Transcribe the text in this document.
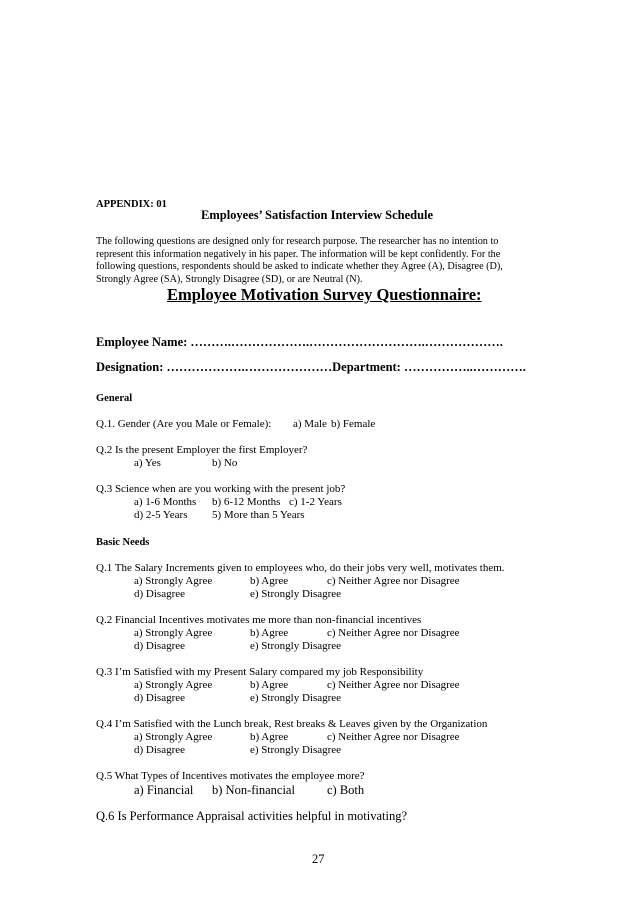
APPENDIX: 01
Employees’ Satisfaction Interview Schedule
The following questions are designed only for research purpose. The researcher has no intention to
represent this information negatively in his paper. The information will be kept confidently. For the
following questions, respondents should be asked to indicate whether they Agree (A), Disagree (D),
Strongly Agree (SA), Strongly Disagree (SD), or are Neutral (N).
Employee Motivation Survey Questionnaire:
Employee Name: ……….……………….……………………….……………….
Designation: ……………….…………………Department: ……………..………….
General
Q.1. Gender (Are you Male or Female): a) Male b) Female
Q.2 Is the present Employer the first Employer?
a) Yes	b) No
Q.3 Science when are you working with the present job?
a) 1-6 Months b) 6-12 Months c) 1-2 Years
d) 2-5 Years 5) More than 5 Years
Basic Needs
Q.1 The Salary Increments given to employees who, do their jobs very well, motivates them.
a) Strongly Agree	b) Agree	c) Neither Agree nor Disagree
d) Disagree	e) Strongly Disagree
Q.2 Financial Incentives motivates me more than non-financial incentives
a) Strongly Agree	b) Agree	c) Neither Agree nor Disagree
d) Disagree	e) Strongly Disagree
Q.3 I’m Satisfied with my Present Salary compared my job Responsibility
a) Strongly Agree	b) Agree	c) Neither Agree nor Disagree
d) Disagree	e) Strongly Disagree
Q.4 I’m Satisfied with the Lunch break, Rest breaks & Leaves given by the Organization
a) Strongly Agree	b) Agree	c) Neither Agree nor Disagree
d) Disagree	e) Strongly Disagree
Q.5 What Types of Incentives motivates the employee more?
a) Financial b) Non-financial	c) Both
Q.6 Is Performance Appraisal activities helpful in motivating?
27
